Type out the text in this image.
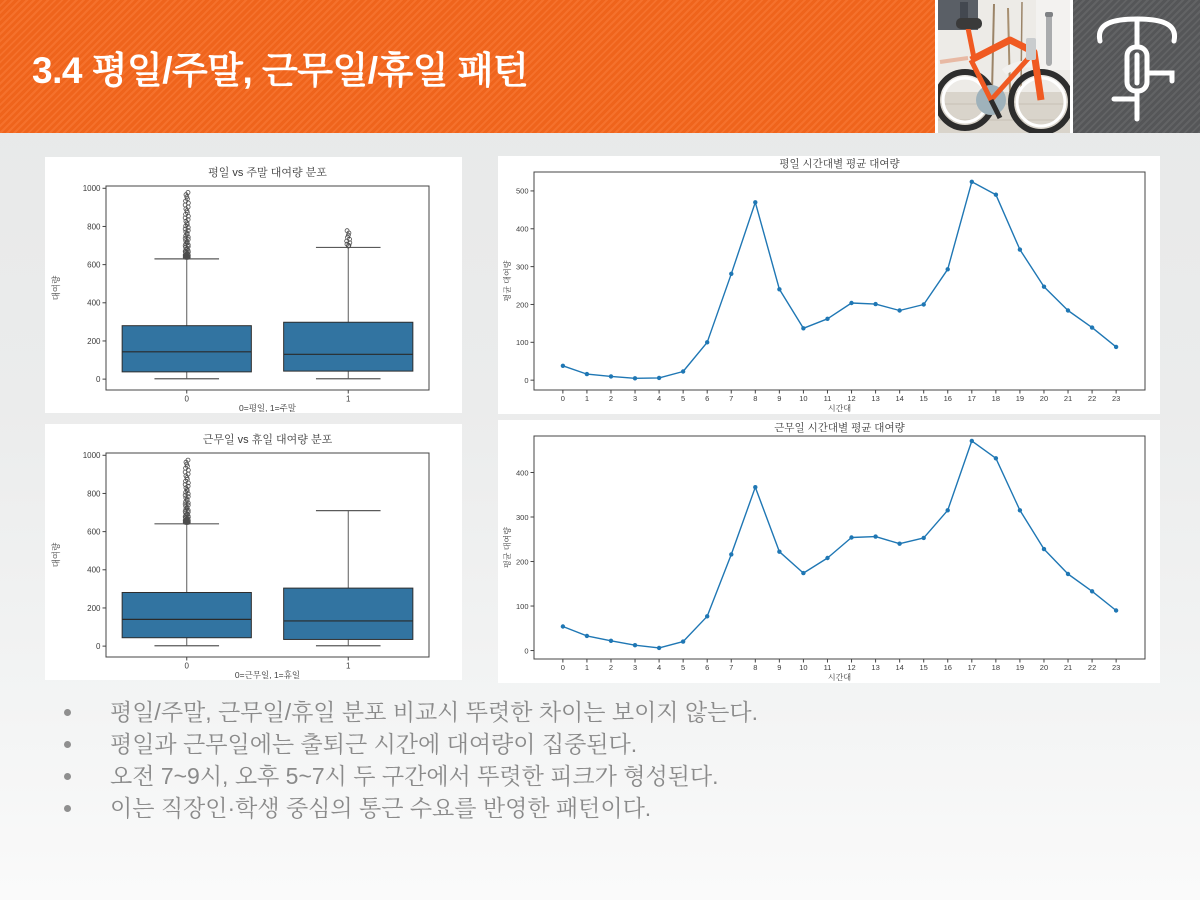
3.4 평일/주말, 근무일/휴일 패턴
0
200
400
600
800
1000
평일 vs 주말 대여량 분포
0=평일, 1=주말
대여량
0	1
0
100
200
300
400
500
평일 시간대별 평균 대여량
시간대
평균 대여량
0	1	2	3	4	5	6	7	8	9 10 11 12 13 14 15 16 17 18 19 20 21 22 23
0
200
400
600
800
1000
근무일 vs 휴일 대여량 분포
0=근무일, 1=휴일
대여량
0	1
0
100
200
300
400
근무일 시간대별 평균 대여량
시간대
평균 대여량
0	1	2	3	4	5	6	7	8	9 10 11 12 13 14 15 16 17 18 19 20 21 22 23
평일/주말, 근무일/휴일 분포 비교시 뚜렷한 차이는 보이지 않는다.
평일과 근무일에는 출퇴근 시간에 대여량이 집중된다.
오전 7~9시, 오후 5~7시 두 구간에서 뚜렷한 피크가 형성된다.
이는 직장인·학생 중심의 통근 수요를 반영한 패턴이다.
